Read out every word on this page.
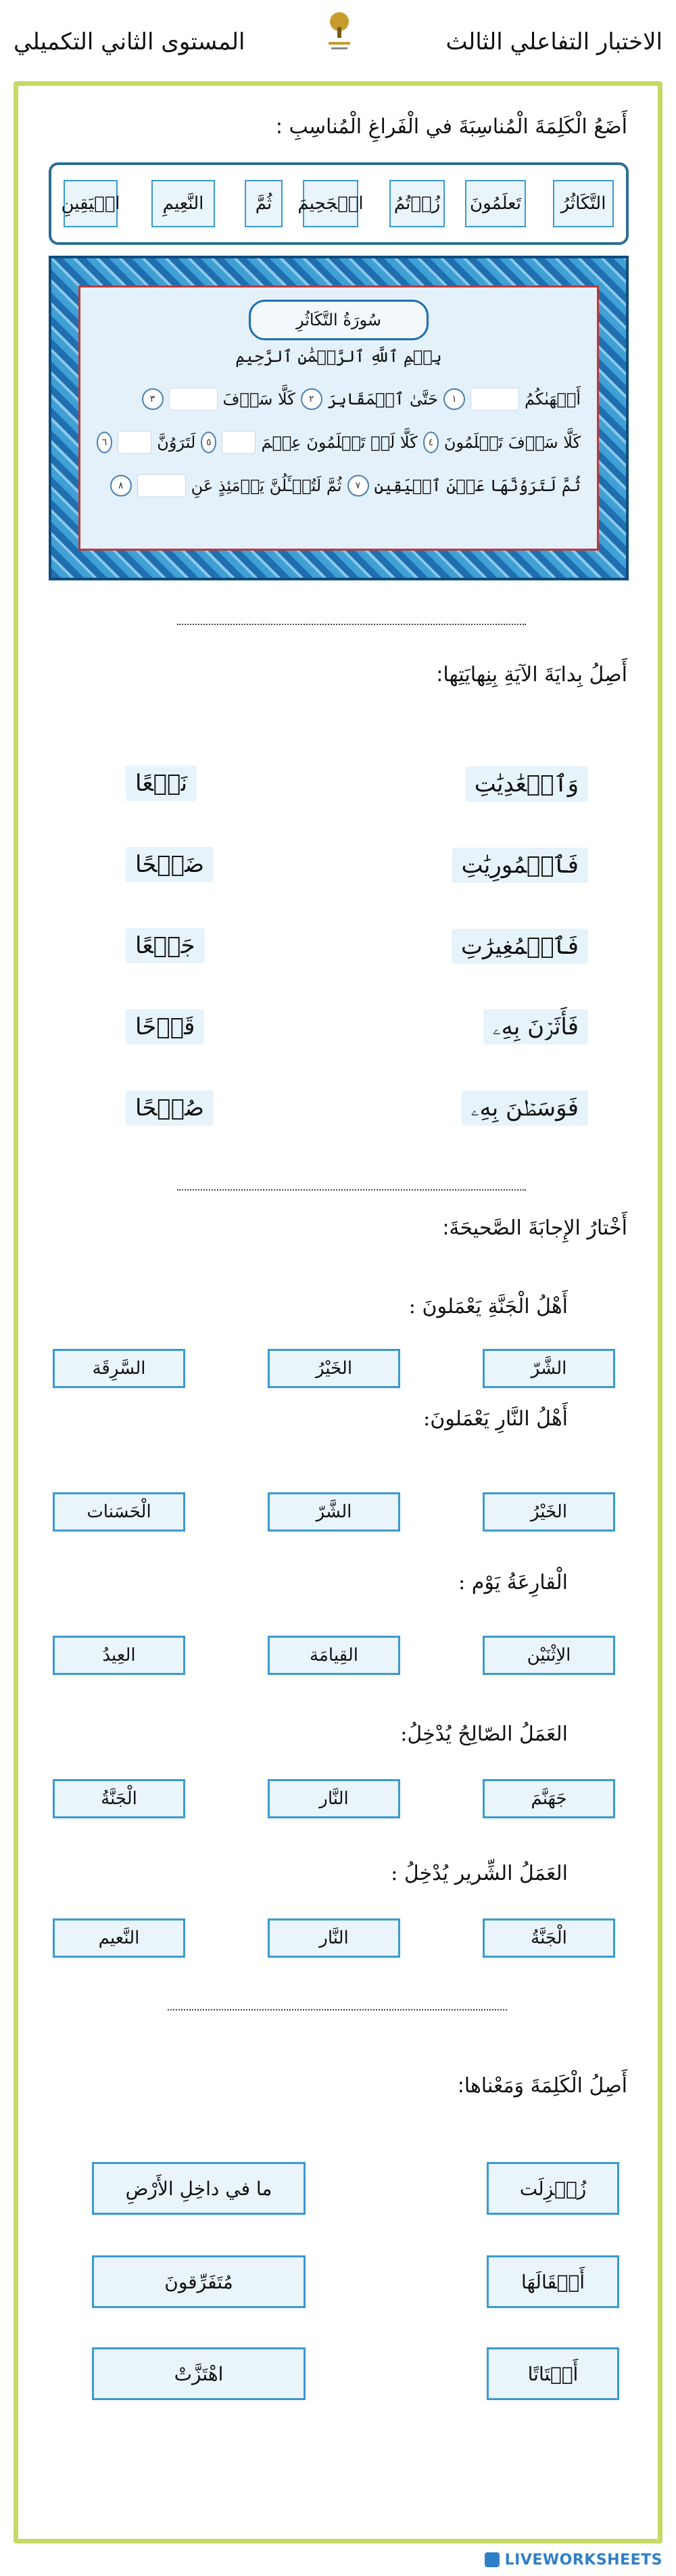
الاختبار التفاعلي الثالث
المستوى الثاني التكميلي
أَضَعُ الْكَلِمَةَ الْمُناسِبَةَ في الْفَراغِ الْمُناسِبِ :
التَّكَاثُرُ
تَعلَمُونَ
زُرۡتُمُ
الۡجَحِيمَ
ثُمَّ
النَّعِيمِ
الۡيَقِينِ
سُورَةُ التَّكَاثُرِ
بِسۡمِ ٱللَّهِ ٱلرَّحۡمَٰنِ ٱلرَّحِيمِ
أَلۡهَىٰكُمُ
١
حَتَّىٰ
ٱلۡمَقَابِرَ
٢
كَلَّا سَوۡفَ
٣
كَلَّا سَوۡفَ تَعۡلَمُونَ
٤
كَلَّا لَوۡ تَعۡلَمُونَ عِلۡمَ
٥
لَتَرَوُنَّ
٦
ثُمَّ لَتَرَوُنَّهَا عَيۡنَ ٱلۡيَقِينِ
٧
ثُمَّ لَتُسۡـَٔلُنَّ يَوۡمَئِذٍ عَنِ
٨
أَصِلُ بِدايَةَ الآيَةِ بِنِهايَتِها:
وَٱلۡعَٰدِيَٰتِ
فَٱلۡمُورِيَٰتِ
فَٱلۡمُغِيرَٰتِ
فَأَثَرۡنَ بِهِۦ
فَوَسَطۡنَ بِهِۦ
نَقۡعًا
ضَبۡحًا
جَمۡعًا
قَدۡحًا
صُبۡحًا
أَخْتارُ الإِجابَةَ الصَّحيحَةَ:
أَهْلُ الْجَنَّةِ يَعْمَلونَ :
الشَّرّ
الخَيْرُ
السَّرِقَة
أَهْلُ النَّارِ يَعْمَلونَ:
الخَيْرُ
الشَّرّ
الْحَسَنات
الْقارِعَةُ يَوْم :
الاِثْنَيْن
القِيامَة
العِيدُ
العَمَلُ الصّالِحُ يُدْخِلُ:
جَهَنَّمَ
النَّار
الْجَنَّةُ
العَمَلُ الشِّرير يُدْخِلُ :
الْجَنَّةُ
النَّار
النَّعيم
أَصِلُ الْكَلِمَةَ وَمَعْناها:
زُلۡزِلَت
أَثۡقَالَهَا
أَشۡتَاتًا
ما في داخِلِ الأَرْضِ
مُتَفَرِّقونَ
اهْتَزَّتْ
LIVEWORKSHEETS
